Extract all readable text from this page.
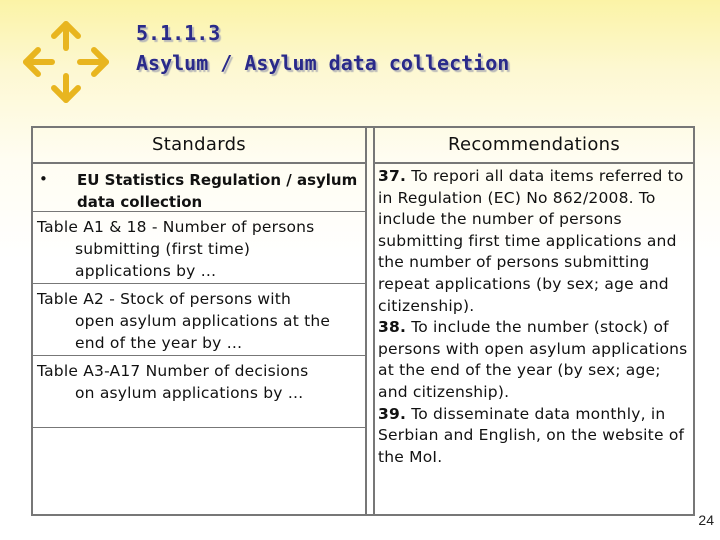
5.1.1.3
Asylum / Asylum data collection
Standards	Recommendations
• EU Statistics Regulation / asylum data collection
Table A1 & 18 - Number of persons
submitting (first time)
applications by …
Table A2 - Stock of persons with
open asylum applications at the
end of the year by …
Table A3-A17 Number of decisions
on asylum applications by …
37. To repori all data items referred to in Regulation (EC) No 862/2008. To include the number of persons submitting first time applications and the number of persons submitting repeat applications (by sex; age and citizenship).
38. To include the number (stock) of persons with open asylum applications at the end of the year (by sex; age; and citizenship).
39. To disseminate data monthly, in Serbian and English, on the website of the MoI.
24
